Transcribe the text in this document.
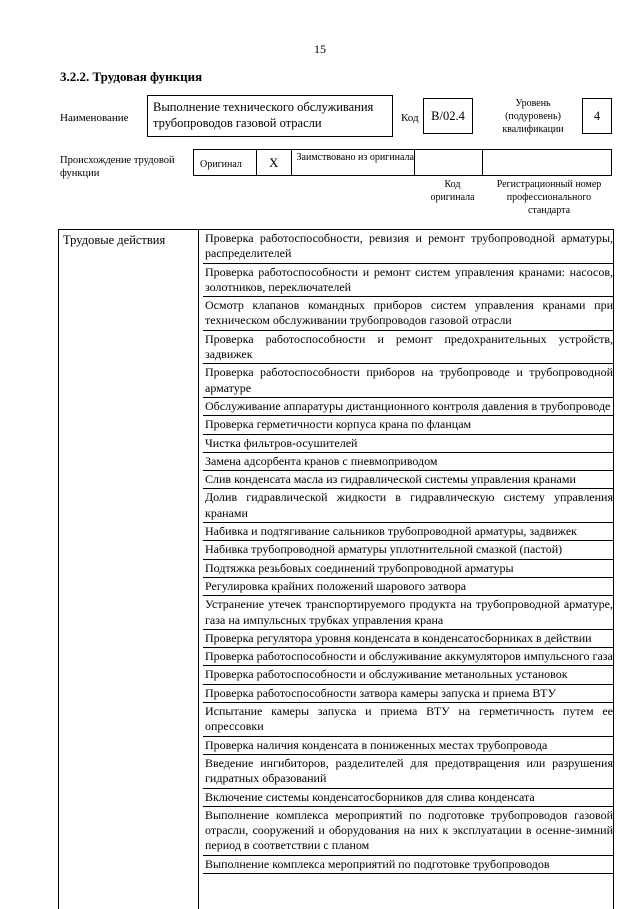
15
3.2.2. Трудовая функция
Наименование
Выполнение технического обслуживания трубопроводов газовой отрасли	Код	B/02.4
Уровень (подуровень) квалификации
4
Происхождение трудовой функции
Оригинал	X	Заимствовано из оригинала
Код оригинала
Регистрационный номер профессионального стандарта
Трудовые действия	Проверка работоспособности, ревизия и ремонт трубопроводной арматуры, распределителей
Проверка работоспособности и ремонт систем управления кранами: насосов, золотников, переключателей
Осмотр клапанов командных приборов систем управления кранами при техническом обслуживании трубопроводов газовой отрасли
Проверка работоспособности и ремонт предохранительных устройств, задвижек
Проверка работоспособности приборов на трубопроводе и трубопроводной арматуре
Обслуживание аппаратуры дистанционного контроля давления в трубопроводе
Проверка герметичности корпуса крана по фланцам
Чистка фильтров-осушителей
Замена адсорбента кранов с пневмоприводом
Слив конденсата масла из гидравлической системы управления кранами
Долив гидравлической жидкости в гидравлическую систему управления кранами
Набивка и подтягивание сальников трубопроводной арматуры, задвижек
Набивка трубопроводной арматуры уплотнительной смазкой (пастой)
Подтяжка резьбовых соединений трубопроводной арматуры
Регулировка крайних положений шарового затвора
Устранение утечек транспортируемого продукта на трубопроводной арматуре, газа на импульсных трубках управления крана
Проверка регулятора уровня конденсата в конденсатосборниках в действии
Проверка работоспособности и обслуживание аккумуляторов импульсного газа
Проверка работоспособности и обслуживание метанольных установок
Проверка работоспособности затвора камеры запуска и приема ВТУ
Испытание камеры запуска и приема ВТУ на герметичность путем ее опрессовки
Проверка наличия конденсата в пониженных местах трубопровода
Введение ингибиторов, разделителей для предотвращения или разрушения гидратных образований
Включение системы конденсатосборников для слива конденсата
Выполнение комплекса мероприятий по подготовке трубопроводов газовой отрасли, сооружений и оборудования на них к эксплуатации в осенне-зимний период в соответствии с планом
Выполнение комплекса мероприятий по подготовке трубопроводов
